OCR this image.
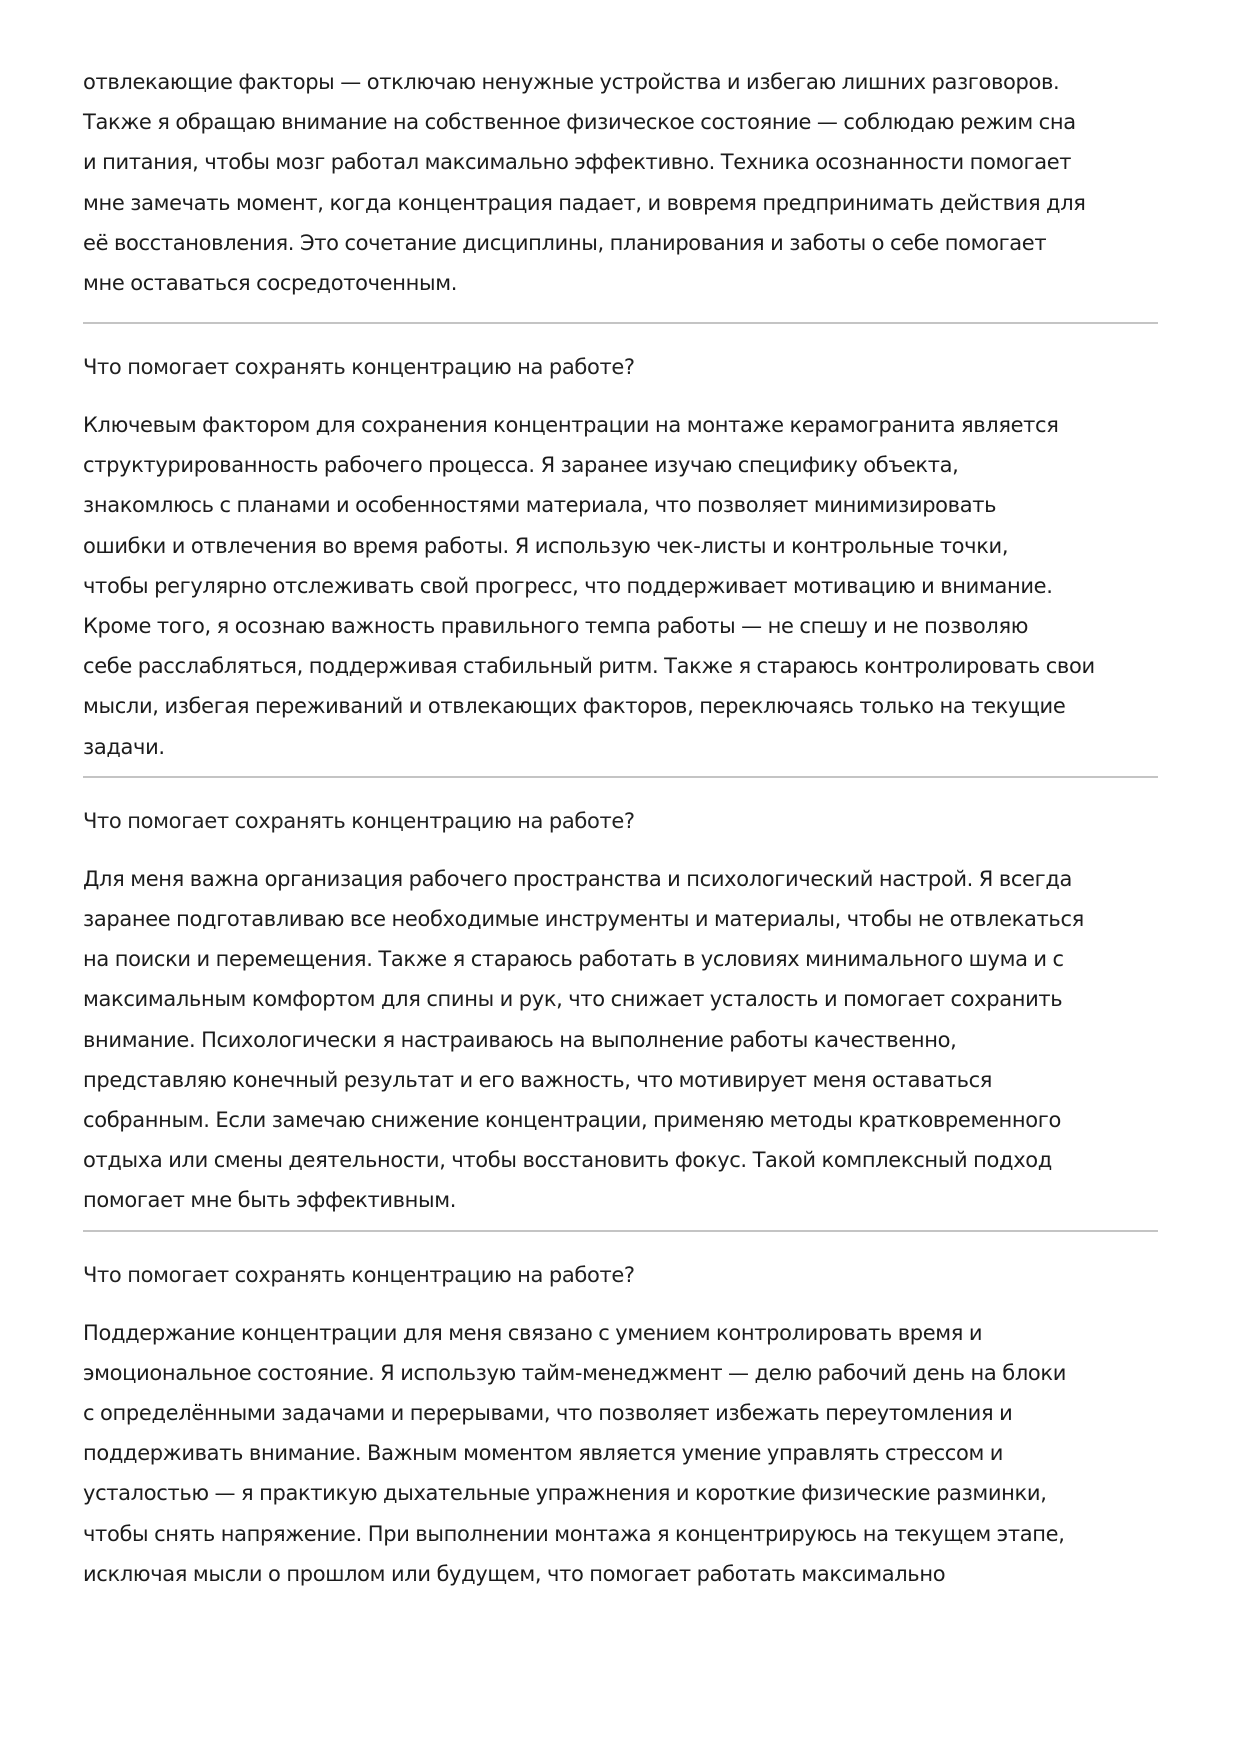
отвлекающие факторы — отключаю ненужные устройства и избегаю лишних разговоров.
Также я обращаю внимание на собственное физическое состояние — соблюдаю режим сна
и питания, чтобы мозг работал максимально эффективно. Техника осознанности помогает
мне замечать момент, когда концентрация падает, и вовремя предпринимать действия для
её восстановления. Это сочетание дисциплины, планирования и заботы о себе помогает
мне оставаться сосредоточенным.

Что помогает сохранять концентрацию на работе?

Ключевым фактором для сохранения концентрации на монтаже керамогранита является
структурированность рабочего процесса. Я заранее изучаю специфику объекта,
знакомлюсь с планами и особенностями материала, что позволяет минимизировать
ошибки и отвлечения во время работы. Я использую чек-листы и контрольные точки,
чтобы регулярно отслеживать свой прогресс, что поддерживает мотивацию и внимание.
Кроме того, я осознаю важность правильного темпа работы — не спешу и не позволяю
себе расслабляться, поддерживая стабильный ритм. Также я стараюсь контролировать свои
мысли, избегая переживаний и отвлекающих факторов, переключаясь только на текущие
задачи.

Что помогает сохранять концентрацию на работе?

Для меня важна организация рабочего пространства и психологический настрой. Я всегда
заранее подготавливаю все необходимые инструменты и материалы, чтобы не отвлекаться
на поиски и перемещения. Также я стараюсь работать в условиях минимального шума и с
максимальным комфортом для спины и рук, что снижает усталость и помогает сохранить
внимание. Психологически я настраиваюсь на выполнение работы качественно,
представляю конечный результат и его важность, что мотивирует меня оставаться
собранным. Если замечаю снижение концентрации, применяю методы кратковременного
отдыха или смены деятельности, чтобы восстановить фокус. Такой комплексный подход
помогает мне быть эффективным.

Что помогает сохранять концентрацию на работе?

Поддержание концентрации для меня связано с умением контролировать время и
эмоциональное состояние. Я использую тайм-менеджмент — делю рабочий день на блоки
с определёнными задачами и перерывами, что позволяет избежать переутомления и
поддерживать внимание. Важным моментом является умение управлять стрессом и
усталостью — я практикую дыхательные упражнения и короткие физические разминки,
чтобы снять напряжение. При выполнении монтажа я концентрируюсь на текущем этапе,
исключая мысли о прошлом или будущем, что помогает работать максимально
